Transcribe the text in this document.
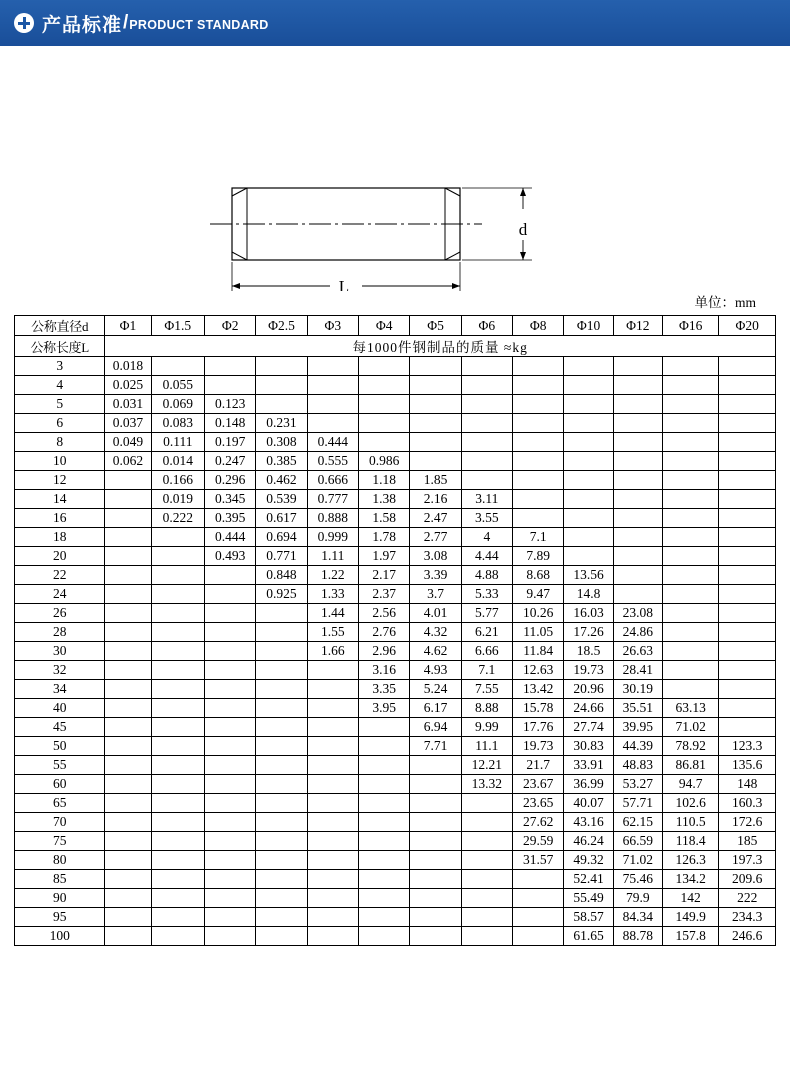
产品标准 / PRODUCT STANDARD
L
d
单位：mm
公称直径d	Φ1	Φ1.5	Φ2	Φ2.5	Φ3	Φ4	Φ5	Φ6	Φ8	Φ10	Φ12	Φ16	Φ20
公称长度L	每1000件钢制品的质量 ≈kg												
3	0.018												
4	0.025	0.055											
5	0.031	0.069	0.123										
6	0.037	0.083	0.148	0.231									
8	0.049	0.111	0.197	0.308	0.444								
10	0.062	0.014	0.247	0.385	0.555	0.986							
12		0.166	0.296	0.462	0.666	1.18	1.85						
14		0.019	0.345	0.539	0.777	1.38	2.16	3.11					
16		0.222	0.395	0.617	0.888	1.58	2.47	3.55					
18			0.444	0.694	0.999	1.78	2.77	4	7.1				
20			0.493	0.771	1.11	1.97	3.08	4.44	7.89				
22				0.848	1.22	2.17	3.39	4.88	8.68	13.56			
24				0.925	1.33	2.37	3.7	5.33	9.47	14.8			
26					1.44	2.56	4.01	5.77	10.26	16.03	23.08		
28					1.55	2.76	4.32	6.21	11.05	17.26	24.86		
30					1.66	2.96	4.62	6.66	11.84	18.5	26.63		
32						3.16	4.93	7.1	12.63	19.73	28.41		
34						3.35	5.24	7.55	13.42	20.96	30.19		
40						3.95	6.17	8.88	15.78	24.66	35.51	63.13	
45							6.94	9.99	17.76	27.74	39.95	71.02	
50							7.71	11.1	19.73	30.83	44.39	78.92	123.3
55								12.21	21.7	33.91	48.83	86.81	135.6
60								13.32	23.67	36.99	53.27	94.7	148
65									23.65	40.07	57.71	102.6	160.3
70									27.62	43.16	62.15	110.5	172.6
75									29.59	46.24	66.59	118.4	185
80									31.57	49.32	71.02	126.3	197.3
85										52.41	75.46	134.2	209.6
90										55.49	79.9	142	222
95										58.57	84.34	149.9	234.3
100										61.65	88.78	157.8	246.6
